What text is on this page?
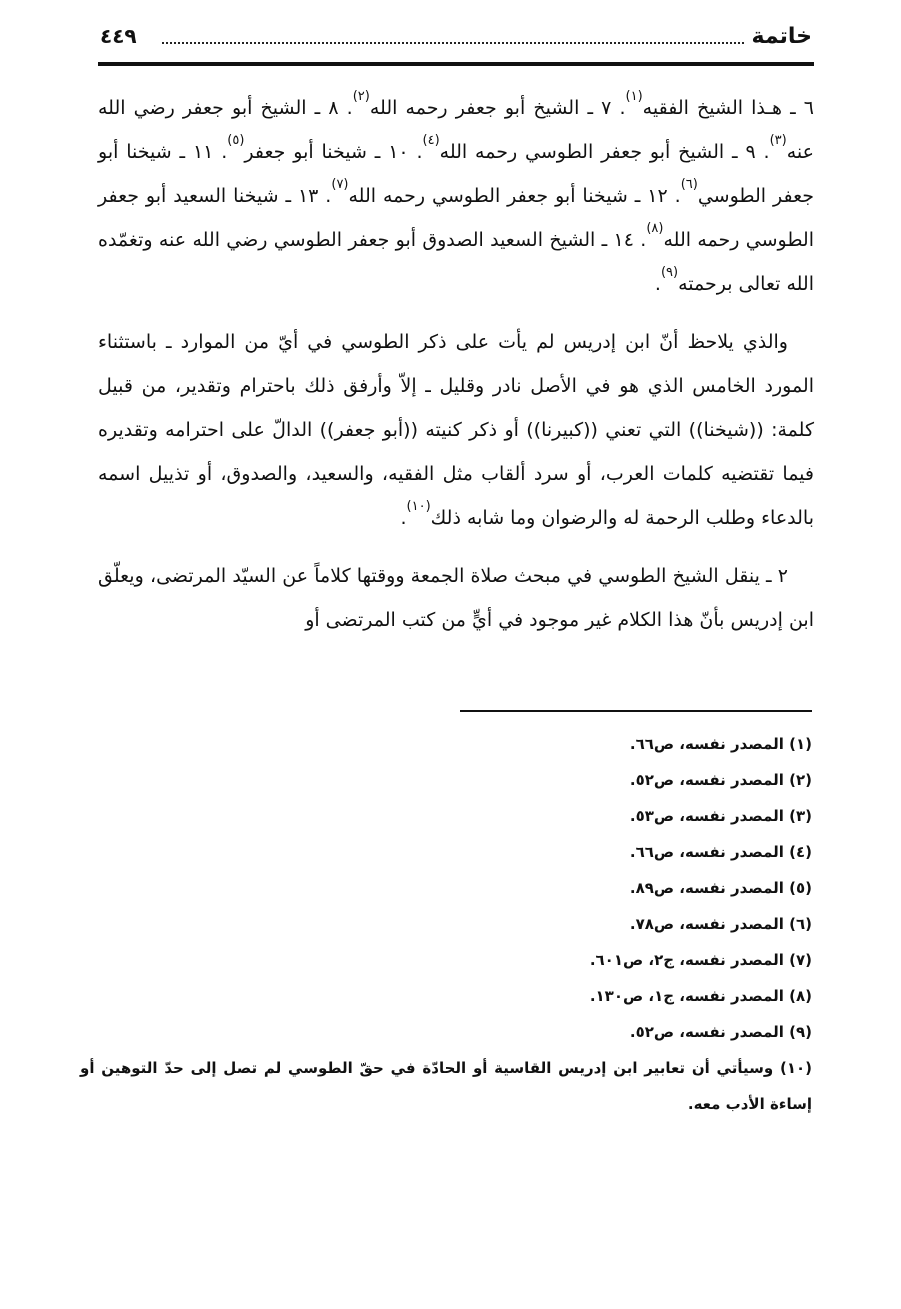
خاتمة
٤٤٩

٦ ـ هـذا الشيخ الفقيه$^{(١)}$. ٧ ـ الشيخ أبو جعفر رحمه الله$^{(٢)}$. ٨ ـ الشيخ أبو جعفر رضي الله عنه$^{(٣)}$. ٩ ـ الشيخ أبو جعفر الطوسي رحمه الله$^{(٤)}$. ١٠ ـ شيخنا أبو جعفر$^{(٥)}$. ١١ ـ شيخنا أبو جعفر الطوسي$^{(٦)}$. ١٢ ـ شيخنا أبو جعفر الطوسي رحمه الله$^{(٧)}$. ١٣ ـ شيخنا السعيد أبو جعفر الطوسي رحمه الله$^{(٨)}$. ١٤ ـ الشيخ السعيد الصدوق أبو جعفر الطوسي رضي الله عنه وتغمّده الله تعالى برحمته$^{(٩)}$.

والذي يلاحظ أنّ ابن إدريس لم يأت على ذكر الطوسي في أيّ من الموارد ـ باستثناء المورد الخامس الذي هو في الأصل نادر وقليل ـ إلاّ وأرفق ذلك باحترام وتقدير، من قبيل كلمة: ((شيخنا)) التي تعني ((كبيرنا)) أو ذكر كنيته ((أبو جعفر)) الدالّ على احترامه وتقديره فيما تقتضيه كلمات العرب، أو سرد ألقاب مثل الفقيه، والسعيد، والصدوق، أو تذييل اسمه بالدعاء وطلب الرحمة له والرضوان وما شابه ذلك$^{(١٠)}$.

٢ ـ ينقل الشيخ الطوسي في مبحث صلاة الجمعة ووقتها كلاماً عن السيّد المرتضى، ويعلّق ابن إدريس بأنّ هذا الكلام غير موجود في أيٍّ من كتب المرتضى أو

(١) المصدر نفسه، ص٦٦.

(٢) المصدر نفسه، ص٥٢.

(٣) المصدر نفسه، ص٥٣.

(٤) المصدر نفسه، ص٦٦.

(٥) المصدر نفسه، ص٨٩.

(٦) المصدر نفسه، ص٧٨.

(٧) المصدر نفسه، ج٢، ص٦٠١.

(٨) المصدر نفسه، ج١، ص١٣٠.

(٩) المصدر نفسه، ص٥٢.

(١٠) وسيأتي أن تعابير ابن إدريس القاسية أو الحادّة في حقّ الطوسي لم تصل إلى حدّ التوهين أو إساءة الأدب معه.
